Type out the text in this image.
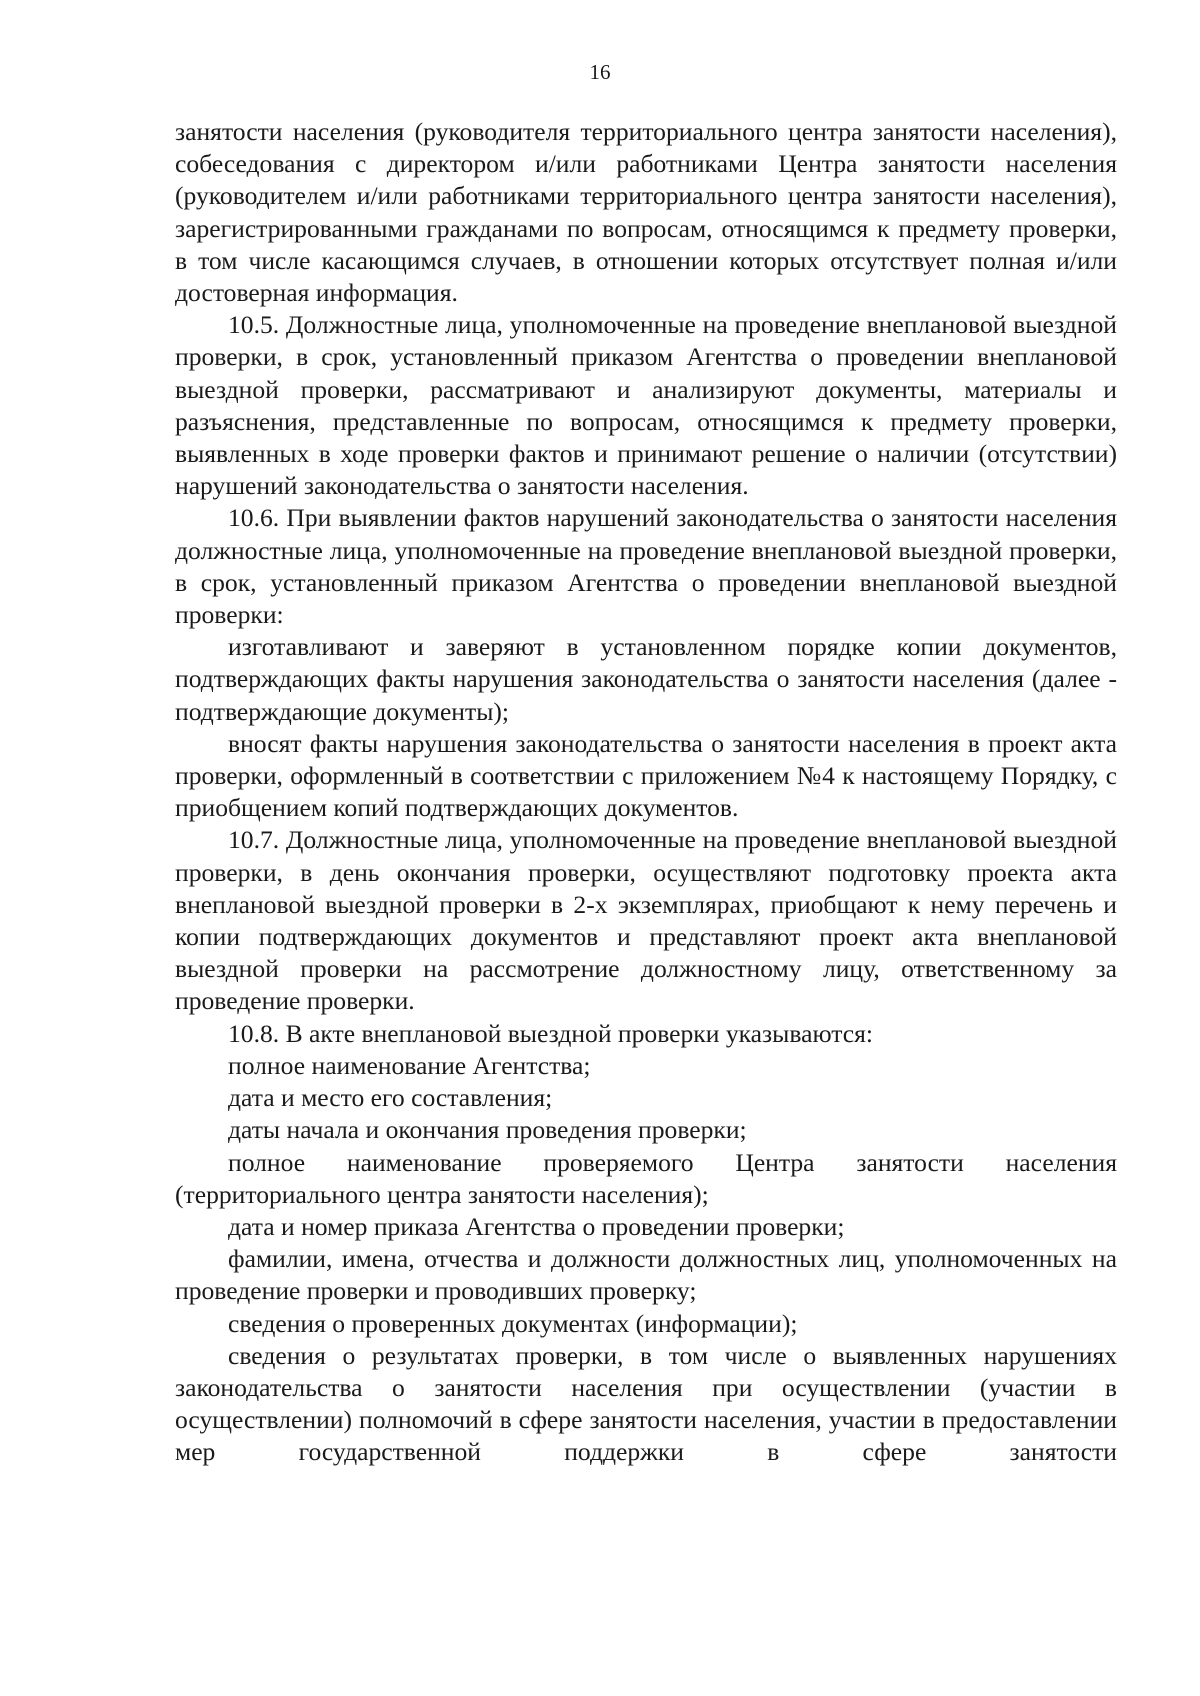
16

занятости населения (руководителя территориального центра занятости населения), собеседования с директором и/или работниками Центра занятости населения (руководителем и/или работниками территориального центра занятости населения), зарегистрированными гражданами по вопросам, относящимся к предмету проверки, в том числе касающимся случаев, в отношении которых отсутствует полная и/или достоверная информация.

10.5. Должностные лица, уполномоченные на проведение внеплановой выездной проверки, в срок, установленный приказом Агентства о проведении внеплановой выездной проверки, рассматривают и анализируют документы, материалы и разъяснения, представленные по вопросам, относящимся к предмету проверки, выявленных в ходе проверки фактов и принимают решение о наличии (отсутствии) нарушений законодательства о занятости населения.

10.6. При выявлении фактов нарушений законодательства о занятости населения должностные лица, уполномоченные на проведение внеплановой выездной проверки, в срок, установленный приказом Агентства о проведении внеплановой выездной проверки:

изготавливают и заверяют в установленном порядке копии документов, подтверждающих факты нарушения законодательства о занятости населения (далее - подтверждающие документы);

вносят факты нарушения законодательства о занятости населения в проект акта проверки, оформленный в соответствии с приложением №4 к настоящему Порядку, с приобщением копий подтверждающих документов.

10.7. Должностные лица, уполномоченные на проведение внеплановой выездной проверки, в день окончания проверки, осуществляют подготовку проекта акта внеплановой выездной проверки в 2-х экземплярах, приобщают к нему перечень и копии подтверждающих документов и представляют проект акта внеплановой выездной проверки на рассмотрение должностному лицу, ответственному за проведение проверки.

10.8. В акте внеплановой выездной проверки указываются:

полное наименование Агентства;

дата и место его составления;

даты начала и окончания проведения проверки;

полное наименование проверяемого Центра занятости населения (территориального центра занятости населения);

дата и номер приказа Агентства о проведении проверки;

фамилии, имена, отчества и должности должностных лиц, уполномоченных на проведение проверки и проводивших проверку;

сведения о проверенных документах (информации);

сведения о результатах проверки, в том числе о выявленных нарушениях законодательства о занятости населения при осуществлении (участии в осуществлении) полномочий в сфере занятости населения, участии в предоставлении мер государственной поддержки в сфере занятости
